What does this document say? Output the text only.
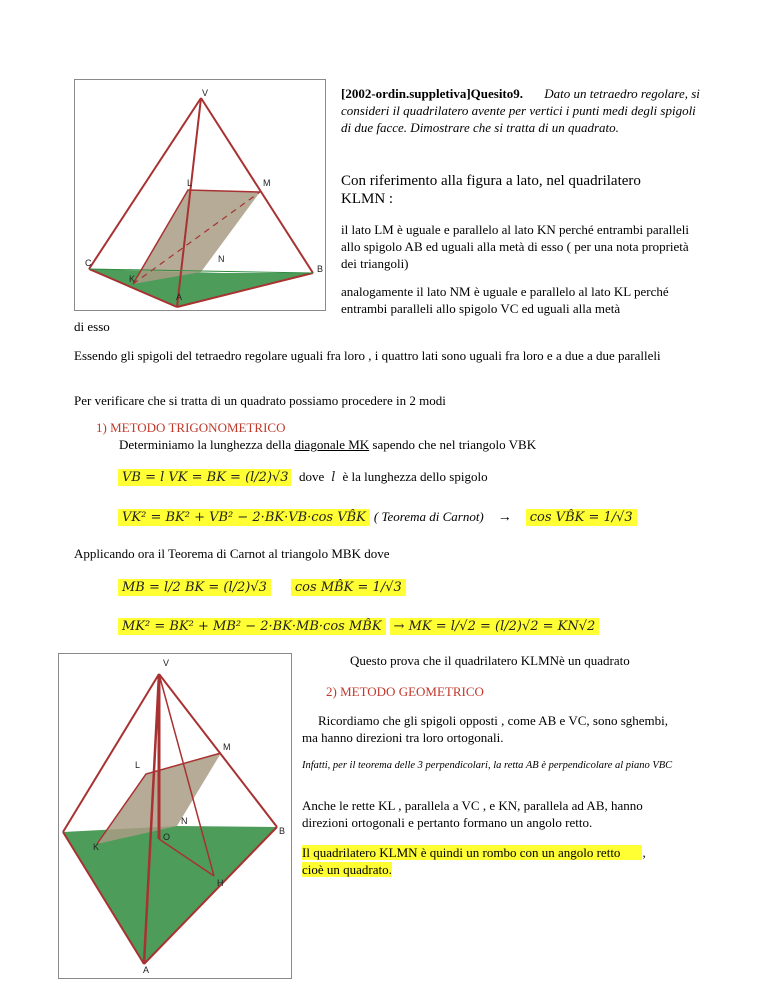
V
M
L
N
C
K
B
A
[2002-ordin.suppletiva]Quesito9. Dato un tetraedro regolare, si consideri il quadrilatero avente per vertici i punti medi degli spigoli di due facce. Dimostrare che si tratta di un quadrato.
Con riferimento alla figura a lato, nel quadrilatero KLMN :
il lato LM è uguale e parallelo al lato KN perché entrambi paralleli allo spigolo AB ed uguali alla metà di esso ( per una nota proprietà dei triangoli)
analogamente il lato NM è uguale e parallelo al lato KL perché entrambi paralleli allo spigolo VC ed uguali alla metà
di esso
Essendo gli spigoli del tetraedro regolare uguali fra loro , i quattro lati sono uguali fra loro e a due a due paralleli
Per verificare che si tratta di un quadrato possiamo procedere in 2 modi
1) METODO TRIGONOMETRICO
Determiniamo la lunghezza della diagonale MK sapendo che nel triangolo VBK
VB = l VK = BK = (l/2)√3 dove l è la lunghezza dello spigolo
VK² = BK² + VB² − 2·BK·VB·cos VB̂K ( Teorema di Carnot) → cos VB̂K = 1/√3
Applicando ora il Teorema di Carnot al triangolo MBK dove
MB = l/2 BK = (l/2)√3 cos MB̂K = 1/√3
MK² = BK² + MB² − 2·BK·MB·cos MB̂K → MK = l/√2 = (l/2)√2 = KN√2
V
M
L
N
O
K
H
B
A
Questo prova che il quadrilatero KLMNè un quadrato
2) METODO GEOMETRICO
Ricordiamo che gli spigoli opposti , come AB e VC, sono sghembi, ma hanno direzioni tra loro ortogonali.
Infatti, per il teorema delle 3 perpendicolari, la retta AB è perpendicolare al piano VBC
Anche le rette KL , parallela a VC , e KN, parallela ad AB, hanno direzioni ortogonali e pertanto formano un angolo retto.
Il quadrilatero KLMN è quindi un rombo con un angolo retto ,
cioè un quadrato.
